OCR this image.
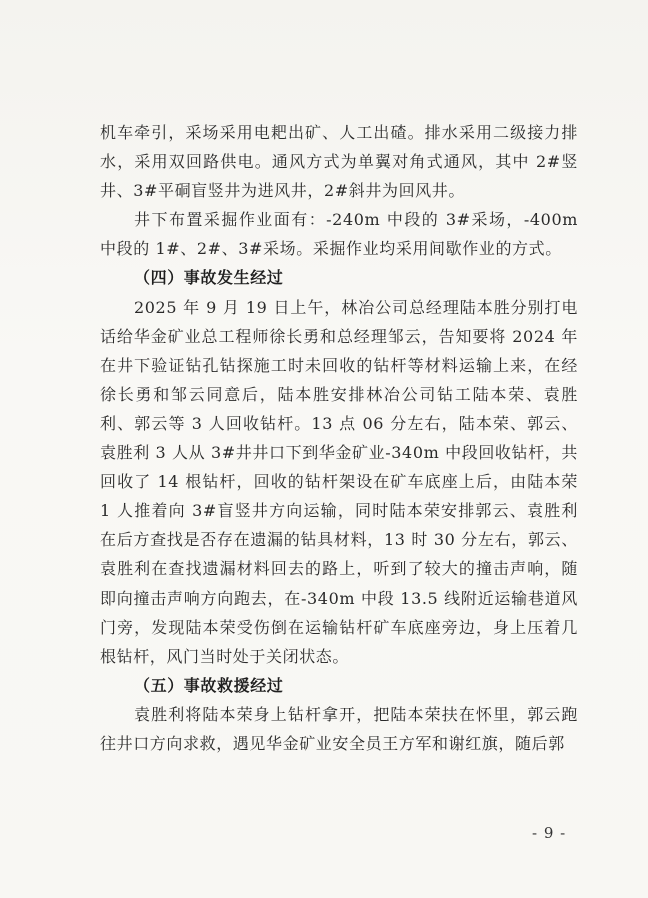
机车牵引，采场采用电耙出矿、人工出碴。排水采用二级接力排水，采用双回路供电。通风方式为单翼对角式通风，其中 2#竖井、3#平硐盲竖井为进风井，2#斜井为回风井。

井下布置采掘作业面有：-240m 中段的 3#采场，-400m 中段的 1#、2#、3#采场。采掘作业均采用间歇作业的方式。

（四）事故发生经过

2025 年 9 月 19 日上午，林冶公司总经理陆本胜分别打电话给华金矿业总工程师徐长勇和总经理邹云，告知要将 2024 年在井下验证钻孔钻探施工时未回收的钻杆等材料运输上来，在经徐长勇和邹云同意后，陆本胜安排林冶公司钻工陆本荣、袁胜利、郭云等 3 人回收钻杆。13 点 06 分左右，陆本荣、郭云、袁胜利 3 人从 3#井井口下到华金矿业-340m 中段回收钻杆，共回收了 14 根钻杆，回收的钻杆架设在矿车底座上后，由陆本荣 1 人推着向 3#盲竖井方向运输，同时陆本荣安排郭云、袁胜利在后方查找是否存在遗漏的钻具材料，13 时 30 分左右，郭云、袁胜利在查找遗漏材料回去的路上，听到了较大的撞击声响，随即向撞击声响方向跑去，在-340m 中段 13.5 线附近运输巷道风门旁，发现陆本荣受伤倒在运输钻杆矿车底座旁边，身上压着几根钻杆，风门当时处于关闭状态。

（五）事故救援经过

袁胜利将陆本荣身上钻杆拿开，把陆本荣扶在怀里，郭云跑往井口方向求救，遇见华金矿业安全员王方军和谢红旗，随后郭

- 9 -
